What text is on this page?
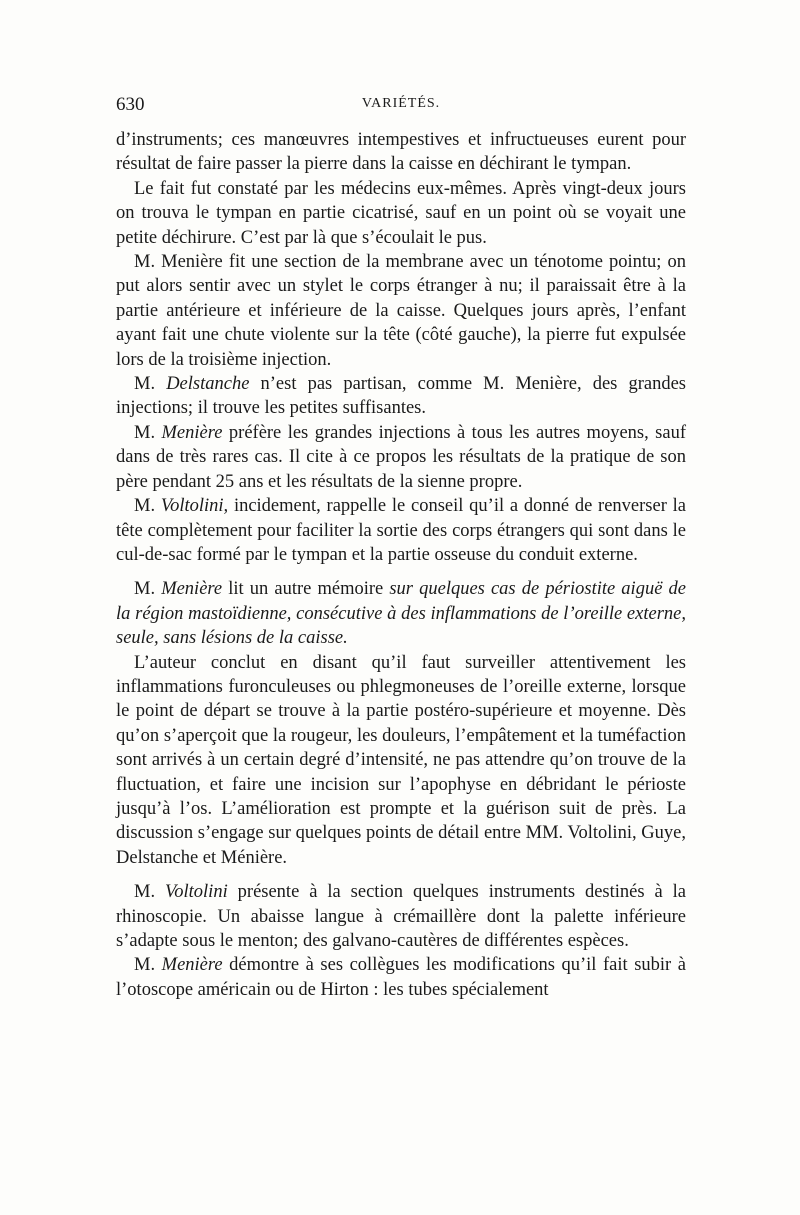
630	VARIÉTÉS.

d’instruments; ces manœuvres intempestives et infructueuses eurent pour résultat de faire passer la pierre dans la caisse en déchirant le tympan.

Le fait fut constaté par les médecins eux-mêmes. Après vingt-deux jours on trouva le tympan en partie cicatrisé, sauf en un point où se voyait une petite déchirure. C’est par là que s’écoulait le pus.

M. Menière fit une section de la membrane avec un ténotome pointu; on put alors sentir avec un stylet le corps étranger à nu; il paraissait être à la partie antérieure et inférieure de la caisse. Quelques jours après, l’enfant ayant fait une chute violente sur la tête (côté gauche), la pierre fut expulsée lors de la troisième injection.

M. Delstanche n’est pas partisan, comme M. Menière, des grandes injections; il trouve les petites suffisantes.

M. Menière préfère les grandes injections à tous les autres moyens, sauf dans de très rares cas. Il cite à ce propos les résultats de la pratique de son père pendant 25 ans et les résultats de la sienne propre.

M. Voltolini, incidement, rappelle le conseil qu’il a donné de renverser la tête complètement pour faciliter la sortie des corps étrangers qui sont dans le cul-de-sac formé par le tympan et la partie osseuse du conduit externe.

M. Menière lit un autre mémoire sur quelques cas de périostite aiguë de la région mastoïdienne, consécutive à des inflammations de l’oreille externe, seule, sans lésions de la caisse.

L’auteur conclut en disant qu’il faut surveiller attentivement les inflammations furonculeuses ou phlegmoneuses de l’oreille externe, lorsque le point de départ se trouve à la partie postéro-supérieure et moyenne. Dès qu’on s’aperçoit que la rougeur, les douleurs, l’empâtement et la tuméfaction sont arrivés à un certain degré d’intensité, ne pas attendre qu’on trouve de la fluctuation, et faire une incision sur l’apophyse en débridant le périoste jusqu’à l’os. L’amélioration est prompte et la guérison suit de près. La discussion s’engage sur quelques points de détail entre MM. Voltolini, Guye, Delstanche et Ménière.

M. Voltolini présente à la section quelques instruments destinés à la rhinoscopie. Un abaisse langue à crémaillère dont la palette inférieure s’adapte sous le menton; des galvano-cautères de différentes espèces.

M. Menière démontre à ses collègues les modifications qu’il fait subir à l’otoscope américain ou de Hirton : les tubes spécialement
